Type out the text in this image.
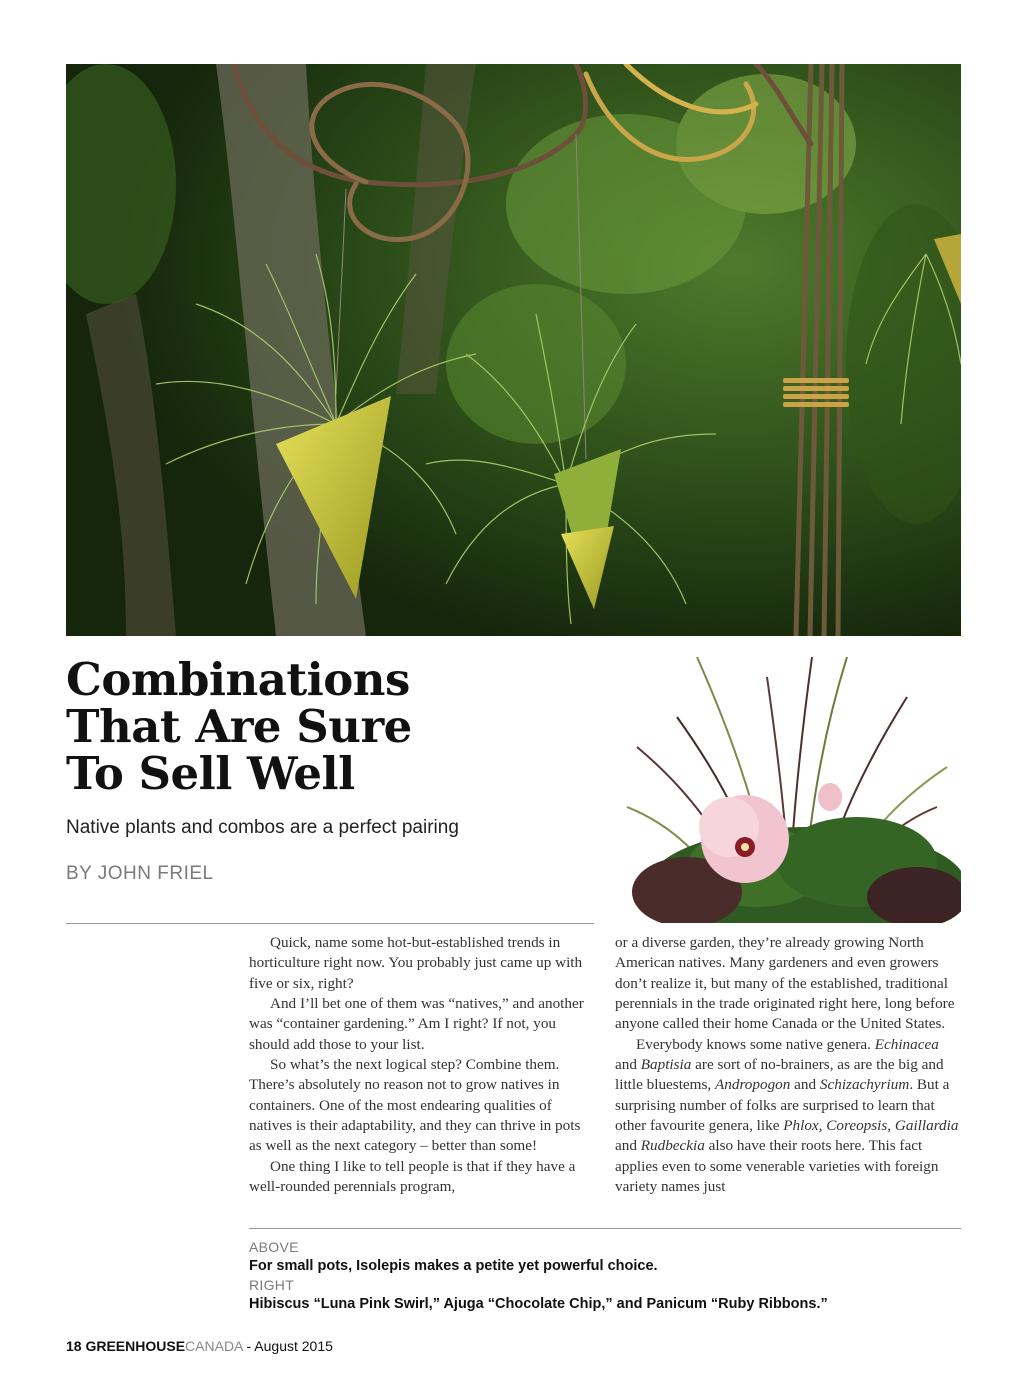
Combinations
That Are Sure
To Sell Well

Native plants and combos are a perfect pairing

BY JOHN FRIEL

Quick, name some hot-but-established trends in horticulture right now. You probably just came up with five or six, right?

And I’ll bet one of them was “natives,” and another was “container gardening.” Am I right? If not, you should add those to your list.

So what’s the next logical step? Combine them. There’s absolutely no reason not to grow natives in containers. One of the most endearing qualities of natives is their adaptability, and they can thrive in pots as well as the next category – better than some!

One thing I like to tell people is that if they have a well-rounded perennials program,

or a diverse garden, they’re already growing North American natives. Many gardeners and even growers don’t realize it, but many of the established, traditional perennials in the trade originated right here, long before anyone called their home Canada or the United States.

Everybody knows some native genera. Echinacea and Baptisia are sort of no-brainers, as are the big and little bluestems, Andropogon and Schizachyrium. But a surprising number of folks are surprised to learn that other favourite genera, like Phlox, Coreopsis, Gaillardia and Rudbeckia also have their roots here. This fact applies even to some venerable varieties with foreign variety names just

ABOVE
For small pots, Isolepis makes a petite yet powerful choice.
RIGHT
Hibiscus “Luna Pink Swirl,” Ajuga “Chocolate Chip,” and Panicum “Ruby Ribbons.”
18 GREENHOUSECANADA - August 2015
